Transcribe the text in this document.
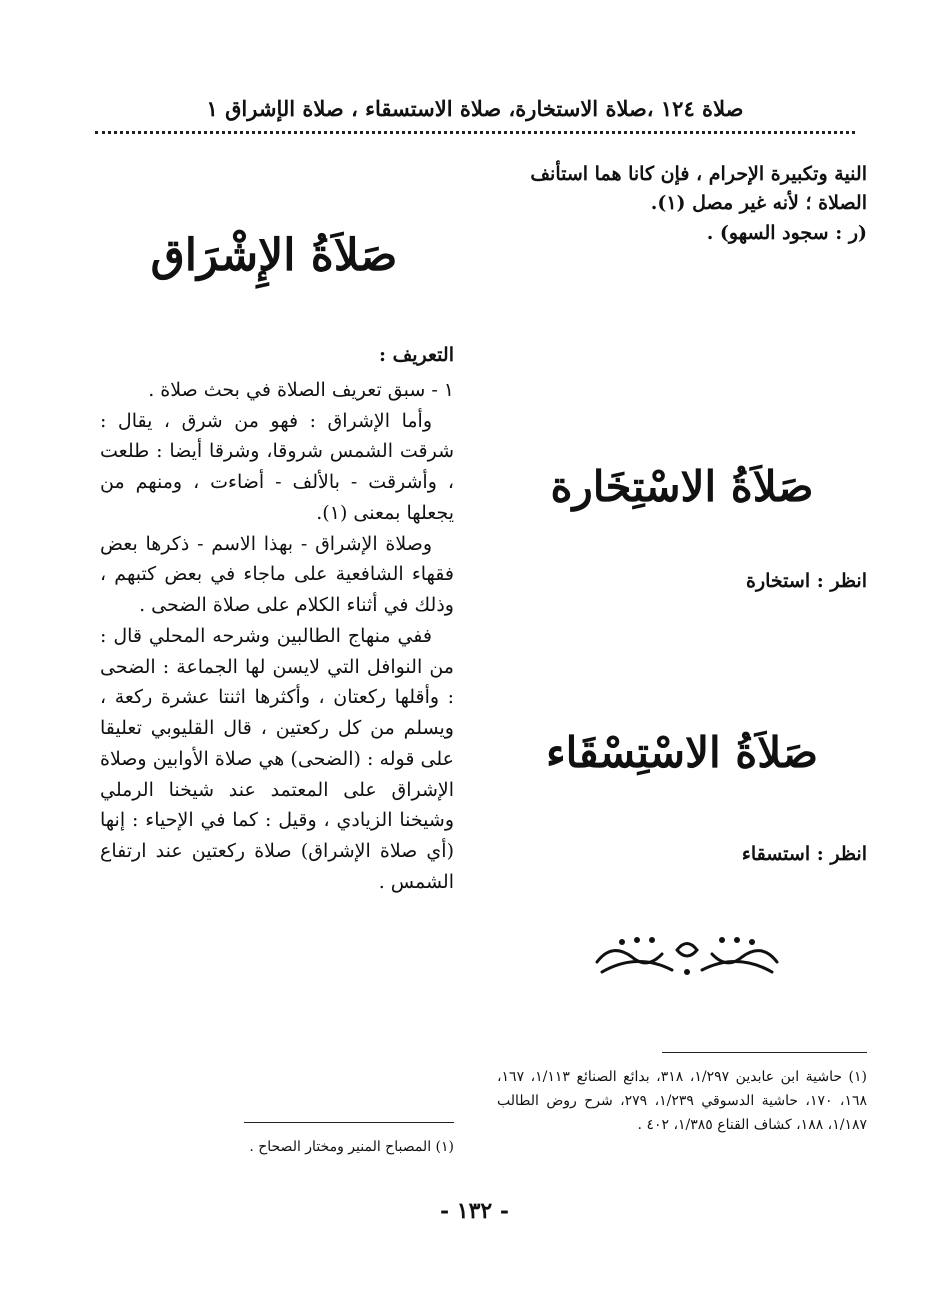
صلاة ١٢٤ ،صلاة الاستخارة، صلاة الاستسقاء ، صلاة الإشراق ١

النية وتكبيرة الإحرام ، فإن كانا هما استأنف

الصلاة ؛ لأنه غير مصل (١).

(ر : سجود السهو) .

صَلاَةُ الاسْتِخَارة
انظر : استخارة
صَلاَةُ الاسْتِسْقَاء
انظر : استسقاء
(١) حاشية ابن عابدين ١/٢٩٧، ٣١٨، بدائع الصنائع ١/١١٣، ١٦٧، ١٦٨، ١٧٠، حاشية الدسوقي ١/٢٣٩، ٢٧٩، شرح روض الطالب ١/١٨٧، ١٨٨، كشاف القناع ١/٣٨٥، ٤٠٢ .
صَلاَةُ الإِشْرَاق

التعريف :

١ - سبق تعريف الصلاة في بحث صلاة .

وأما الإشراق : فهو من شرق ، يقال : شرقت الشمس شروقا، وشرقا أيضا : طلعت ، وأشرقت - بالألف - أضاءت ، ومنهم من يجعلها بمعنى (١).

وصلاة الإشراق - بهذا الاسم - ذكرها بعض فقهاء الشافعية على ماجاء في بعض كتبهم ، وذلك في أثناء الكلام على صلاة الضحى .

ففي منهاج الطالبين وشرحه المحلي قال : من النوافل التي لايسن لها الجماعة : الضحى : وأقلها ركعتان ، وأكثرها اثنتا عشرة ركعة ، ويسلم من كل ركعتين ، قال القليوبي تعليقا على قوله : (الضحى) هي صلاة الأوابين وصلاة الإشراق على المعتمد عند شيخنا الرملي وشيخنا الزيادي ، وقيل : كما في الإحياء : إنها (أي صلاة الإشراق) صلاة ركعتين عند ارتفاع الشمس .

(١) المصباح المنير ومختار الصحاح .
- ١٣٢ -
